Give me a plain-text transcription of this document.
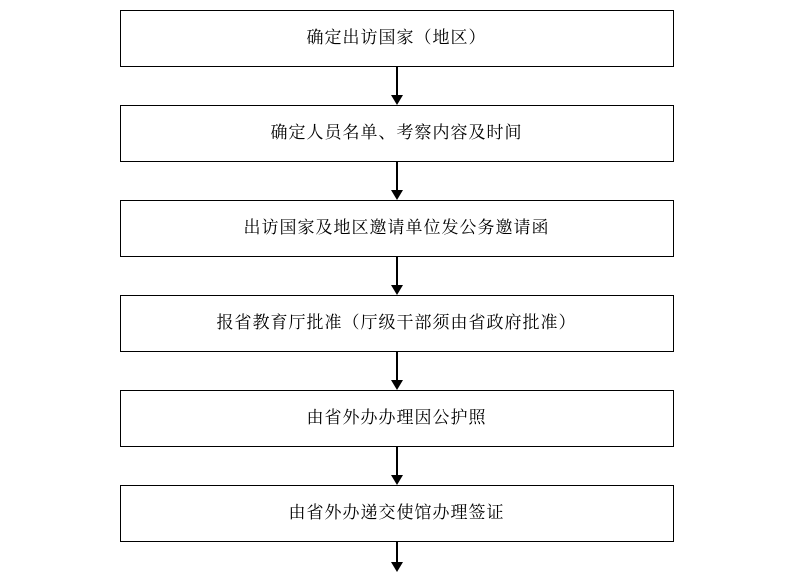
确定出访国家（地区）
确定人员名单、考察内容及时间
出访国家及地区邀请单位发公务邀请函
报省教育厅批准（厅级干部须由省政府批准）
由省外办办理因公护照
由省外办递交使馆办理签证
